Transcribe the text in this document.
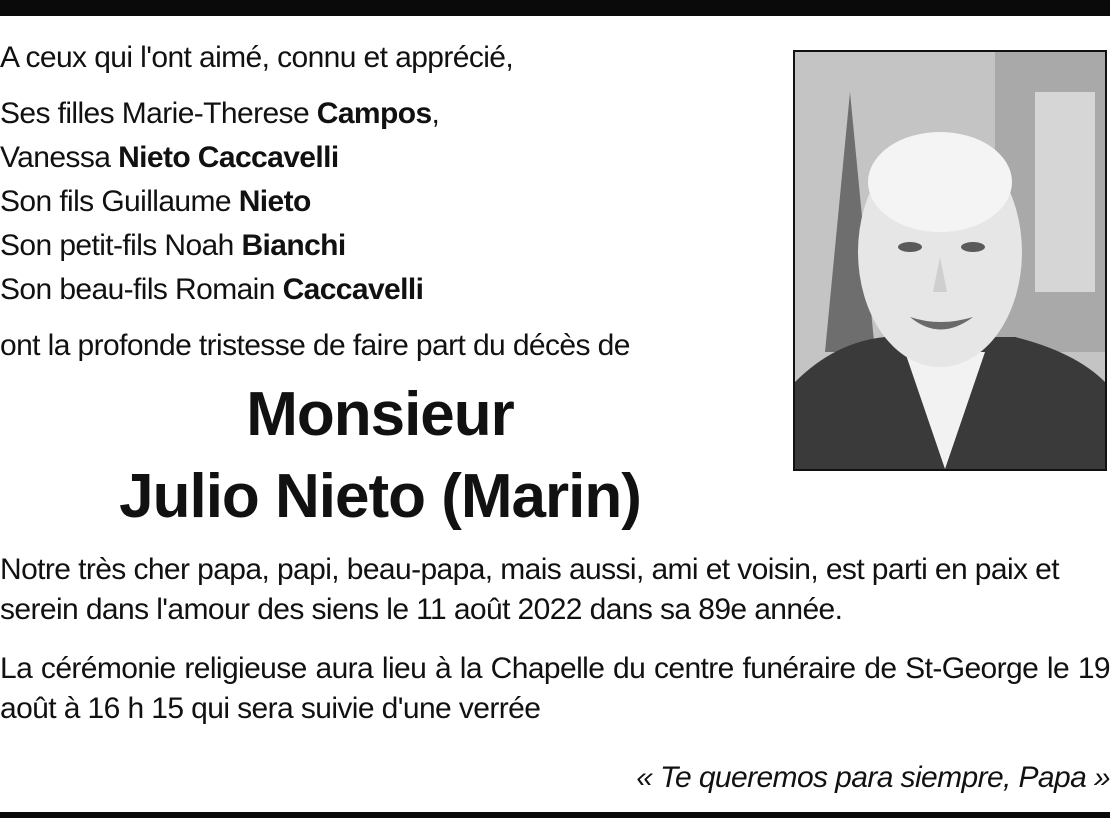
A ceux qui l'ont aimé, connu et apprécié,
Ses filles Marie-Therese Campos,
Vanessa Nieto Caccavelli
Son fils Guillaume Nieto
Son petit-fils Noah Bianchi
Son beau-fils Romain Caccavelli
ont la profonde tristesse de faire part du décès de
Monsieur
Julio Nieto (Marin)
Notre très cher papa, papi, beau-papa, mais aussi, ami et voisin, est parti en paix et serein dans l'amour des siens le 11 août 2022 dans sa 89e année.
La cérémonie religieuse aura lieu à la Chapelle du centre funéraire de St-George le 19 août à 16 h 15 qui sera suivie d'une verrée
« Te queremos para siempre, Papa »
